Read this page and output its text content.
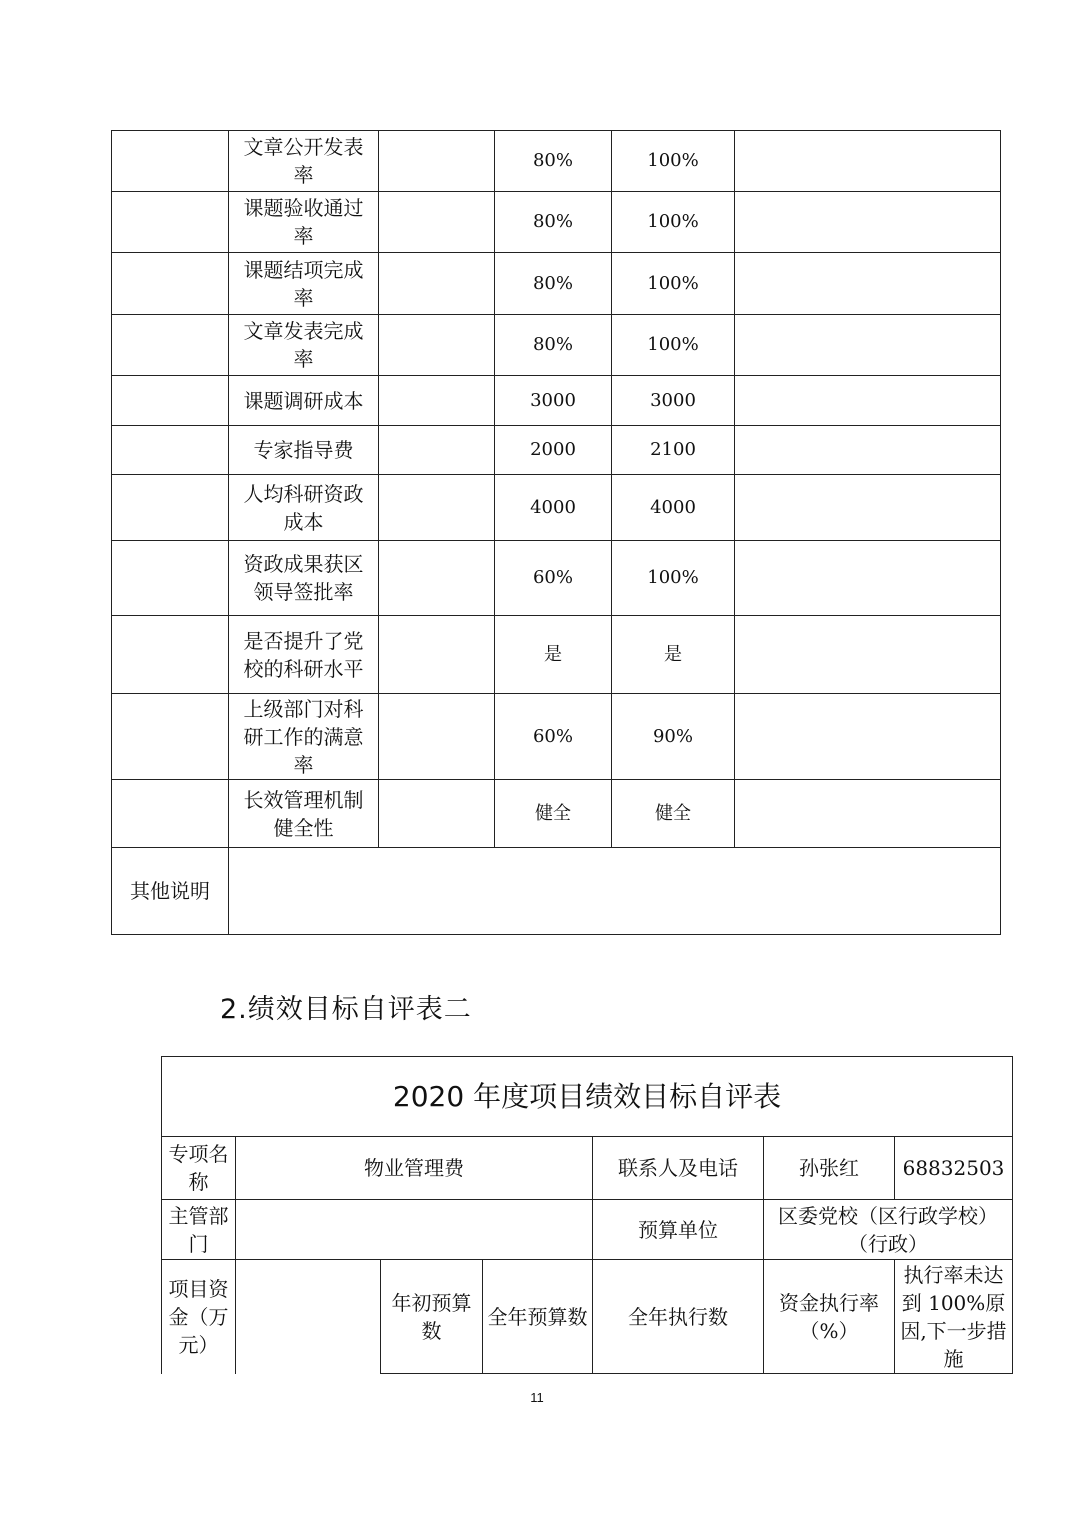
	文章公开发表率		80%	100%	
	课题验收通过率		80%	100%	
	课题结项完成率		80%	100%	
	文章发表完成率		80%	100%	
	课题调研成本		3000	3000	
	专家指导费		2000	2100	
	人均科研资政成本		4000	4000	
	资政成果获区领导签批率		60%	100%	
	是否提升了党校的科研水平		是	是	
	上级部门对科研工作的满意率		60%	90%	
	长效管理机制健全性		健全	健全	
其他说明					
2.绩效目标自评表二
2020 年度项目绩效目标自评表						
专项名称	物业管理费			联系人及电话	孙张红	68832503
主管部门				预算单位	区委党校（区行政学校）（行政）	
项目资金（万元）		年初预算数	全年预算数	全年执行数	资金执行率（%）	执行率未达到 100%原因,下一步措施
11
